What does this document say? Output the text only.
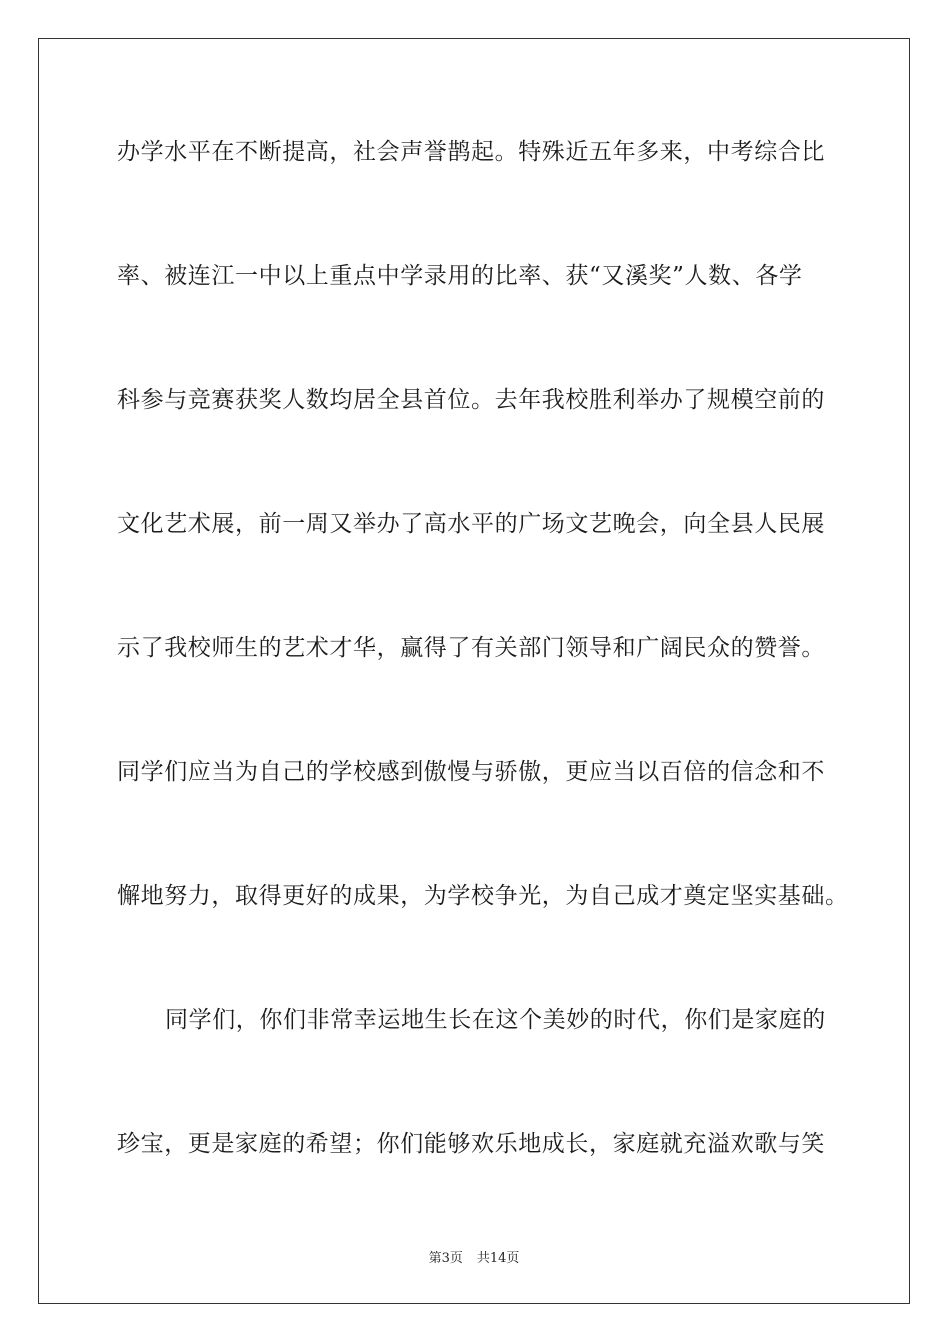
办学水平在不断提高，社会声誉鹊起。特殊近五年多来，中考综合比
率、被连江一中以上重点中学录用的比率、获“又溪奖”人数、各学
科参与竞赛获奖人数均居全县首位。去年我校胜利举办了规模空前的
文化艺术展，前一周又举办了高水平的广场文艺晚会，向全县人民展
示了我校师生的艺术才华，赢得了有关部门领导和广阔民众的赞誉。
同学们应当为自己的学校感到傲慢与骄傲，更应当以百倍的信念和不
懈地努力，取得更好的成果，为学校争光，为自己成才奠定坚实基础。
同学们，你们非常幸运地生长在这个美妙的时代，你们是家庭的
珍宝，更是家庭的希望；你们能够欢乐地成长，家庭就充溢欢歌与笑
第3页 共14页
